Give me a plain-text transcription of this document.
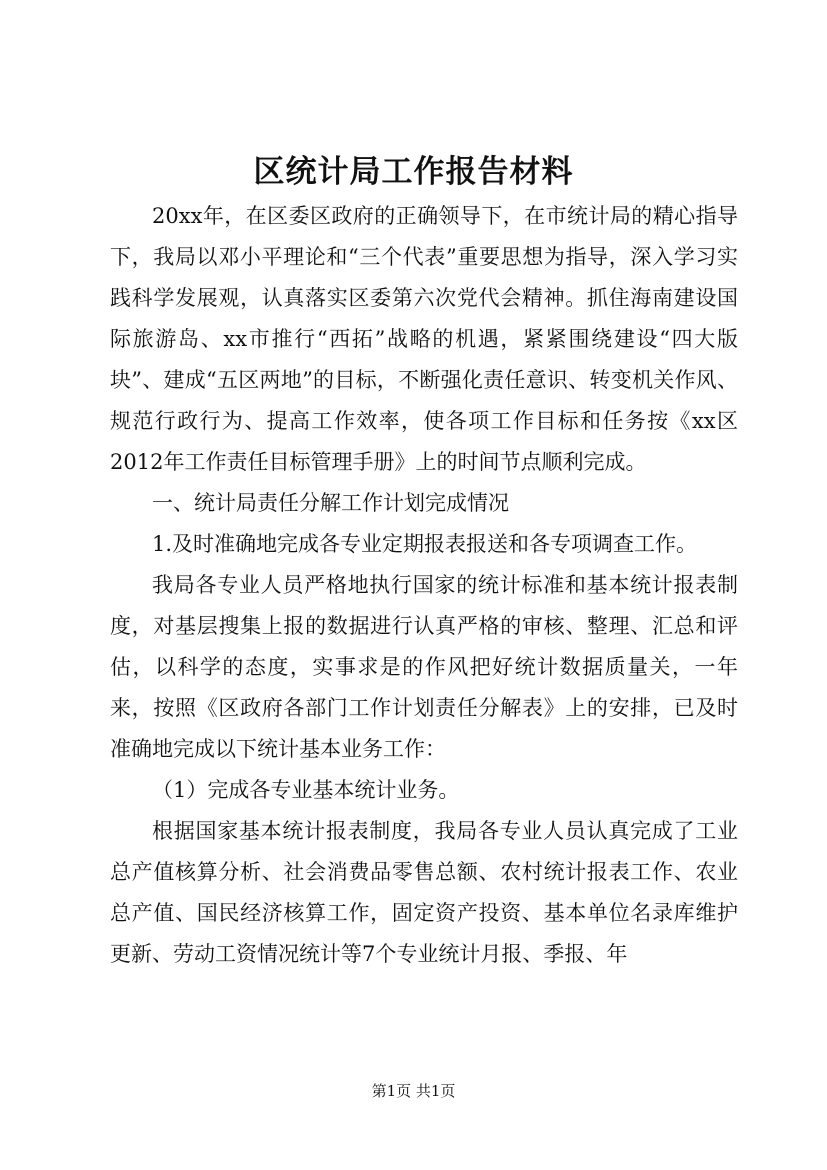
区统计局工作报告材料

20xx年，在区委区政府的正确领导下，在市统计局的精心指导下，我局以邓小平理论和“三个代表”重要思想为指导，深入学习实践科学发展观，认真落实区委第六次党代会精神。抓住海南建设国际旅游岛、xx市推行“西拓”战略的机遇，紧紧围绕建设“四大版块”、建成“五区两地”的目标，不断强化责任意识、转变机关作风、规范行政行为、提高工作效率，使各项工作目标和任务按《xx区2012年工作责任目标管理手册》上的时间节点顺利完成。

一、统计局责任分解工作计划完成情况

1.及时准确地完成各专业定期报表报送和各专项调查工作。

我局各专业人员严格地执行国家的统计标准和基本统计报表制度，对基层搜集上报的数据进行认真严格的审核、整理、汇总和评估，以科学的态度，实事求是的作风把好统计数据质量关，一年来，按照《区政府各部门工作计划责任分解表》上的安排，已及时准确地完成以下统计基本业务工作：

（1）完成各专业基本统计业务。

根据国家基本统计报表制度，我局各专业人员认真完成了工业总产值核算分析、社会消费品零售总额、农村统计报表工作、农业总产值、国民经济核算工作，固定资产投资、基本单位名录库维护更新、劳动工资情况统计等7个专业统计月报、季报、年

第1页 共1页
